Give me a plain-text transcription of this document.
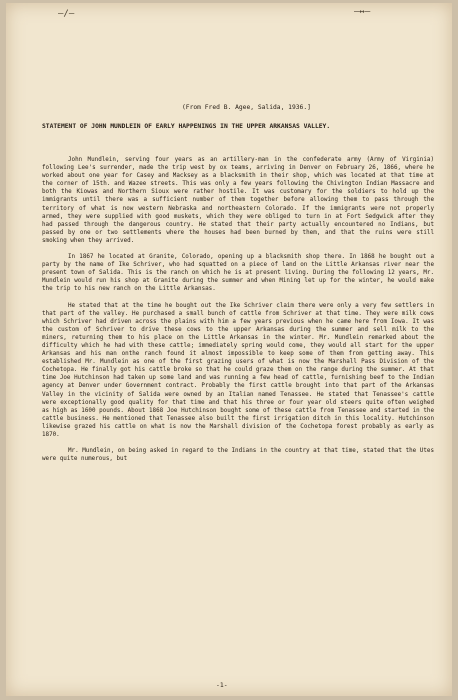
—/—	—↔—
(From Fred B. Agee, Salida, 1936.]
STATEMENT OF JOHN MUNDLEIN OF EARLY HAPPENINGS IN THE UPPER ARKANSAS VALLEY.

John Mundlein, serving four years as an artillery-man in the confederate army (Army of Virginia) following Lee's surrender, made the trip west by ox teams, arriving in Denver on February 26, 1866, where he worked about one year for Casey and Macksey as a blacksmith in their shop, which was located at that time at the corner of 15th. and Wazee streets. This was only a few years following the Chivington Indian Massacre and both the Kiowas and Northern Sioux were rather hostile. It was customary for the soldiers to hold up the immigrants until there was a sufficient number of them together before allowing them to pass through the territory of what is now western Nebraska and northeastern Colorado. If the immigrants were not properly armed, they were supplied with good muskets, which they were obliged to turn in at Fort Sedgwick after they had passed through the dangerous country. He stated that their party actually encountered no Indians, but passed by one or two settlements where the houses had been burned by them, and that the ruins were still smoking when they arrived.

In 1867 he located at Granite, Colorado, opening up a blacksmith shop there. In 1868 he bought out a party by the name of Ike Schriver, who had squatted on a piece of land on the Little Arkansas river near the present town of Salida. This is the ranch on which he is at present living. During the following 12 years, Mr. Mundlein would run his shop at Granite during the summer and when Mining let up for the winter, he would make the trip to his new ranch on the Little Arkansas.

He stated that at the time he bought out the Ike Schriver claim there were only a very few settlers in that part of the valley. He purchased a small bunch of cattle from Schriver at that time. They were milk cows which Schriver had driven across the plains with him a few years previous when he came here from Iowa. It was the custom of Schriver to drive these cows to the upper Arkansas during the summer and sell milk to the miners, returning them to his place on the Little Arkansas in the winter. Mr. Mundlein remarked about the difficulty which he had with these cattle; immediately spring would come, they would all start for the upper Arkansas and his man onthe ranch found it almost impossible to keep some of them from getting away. This established Mr. Mundlein as one of the first grazing users of what is now the Marshall Pass Division of the Cochetopa. He finally got his cattle broke so that he could graze them on the range during the summer. At that time Joe Hutchinson had taken up some land and was running a few head of cattle, furnishing beef to the Indian agency at Denver under Government contract. Probably the first cattle brought into that part of the Arkansas Valley in the vicinity of Salida were owned by an Italian named Tenassee. He stated that Tenassee's cattle were exceptionally good quality for that time and that his three or four year old steers quite often weighed as high as 1600 pounds. About 1868 Joe Hutchinson bought some of these cattle from Tenassee and started in the cattle business. He mentioned that Tenassee also built the first irrigation ditch in this locality. Hutchinson likewise grazed his cattle on what is now the Marshall division of the Cochetopa forest probably as early as 1870.

Mr. Mundlein, on being asked in regard to the Indians in the country at that time, stated that the Utes were quite numerous, but

-1-
